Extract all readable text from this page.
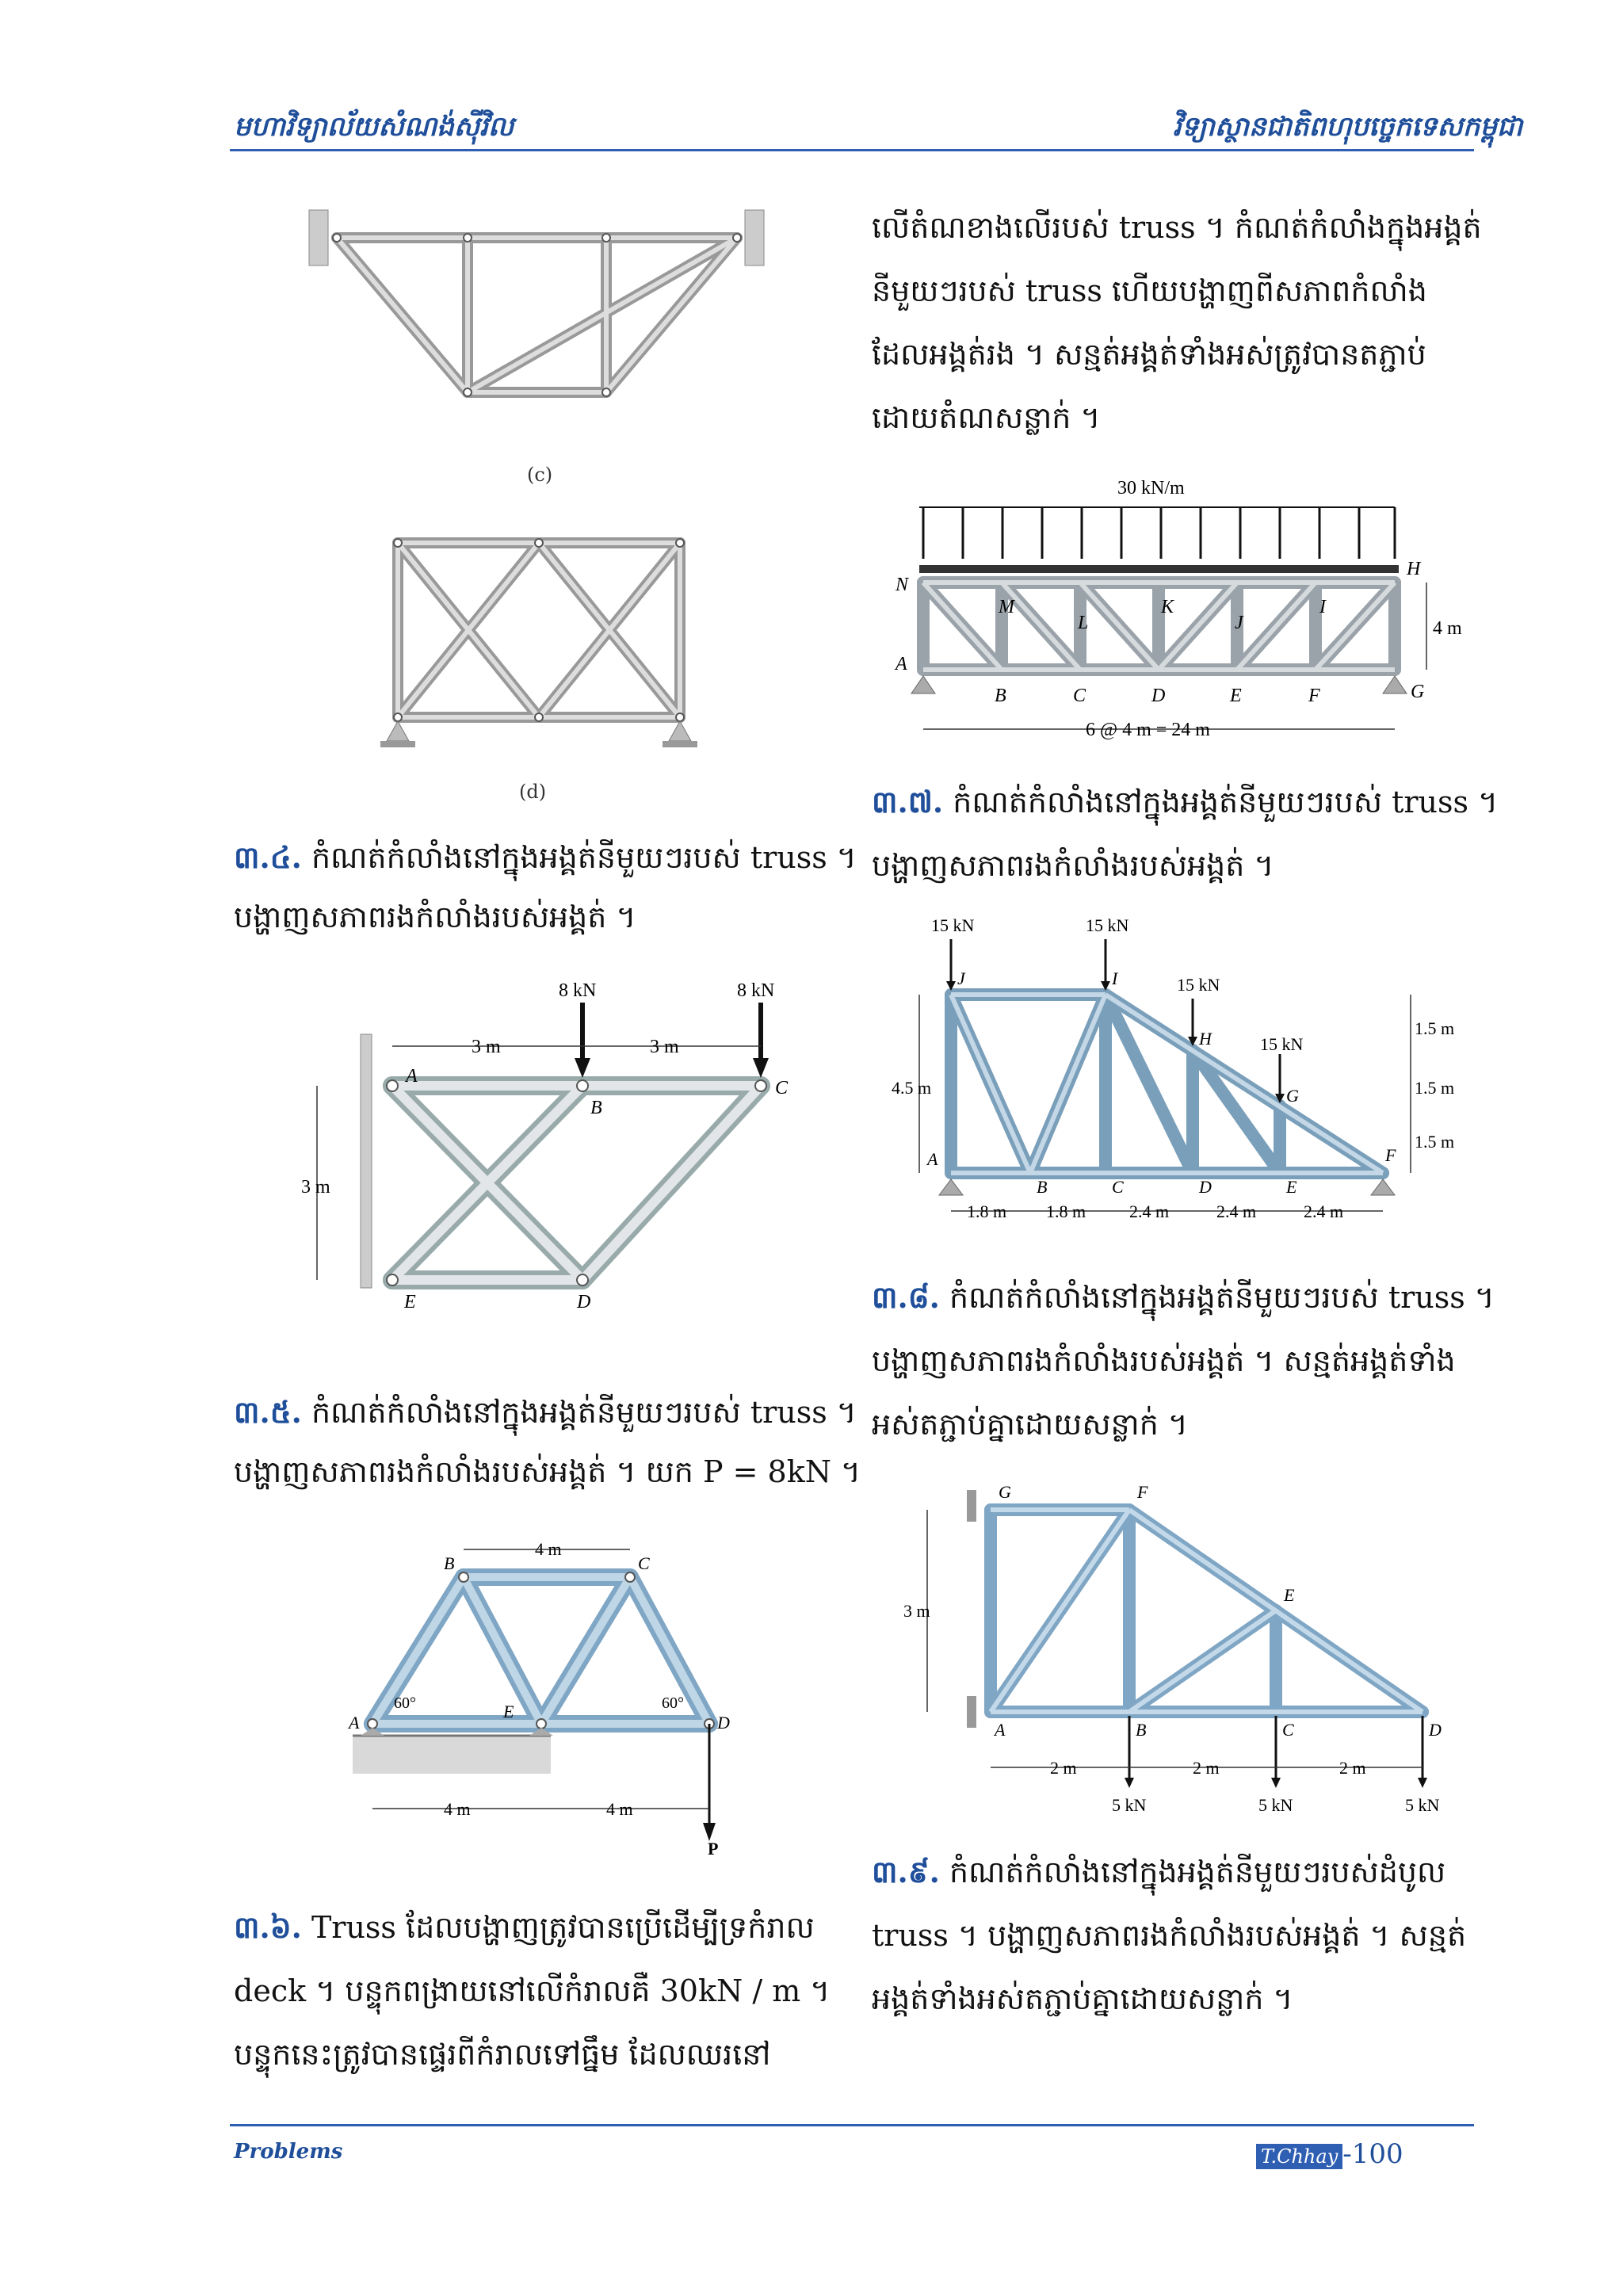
មហាវិទ្យាល័យសំណង់ស៊ីវិល	វិទ្យាស្ថានជាតិពហុបច្ចេកទេសកម្ពុជា
(c)
(d)
៣.៤. កំណត់កំលាំងនៅក្នុងអង្គត់នីមួយៗរបស់ truss ។
បង្ហាញសភាពរងកំលាំងរបស់អង្គត់ ។
8 kN	8 kN
3 m	3 m
3 m
A
B
C
D
E
៣.៥. កំណត់កំលាំងនៅក្នុងអង្គត់នីមួយៗរបស់ truss ។
បង្ហាញសភាពរងកំលាំងរបស់អង្គត់ ។ យក P = 8kN ។
P
4 m
4 m	4 m
60°	60°
A
B	C
D
E
៣.៦. Truss ដែលបង្ហាញត្រូវបានប្រើដើម្បីទ្រកំរាល
deck ។ បន្ទុកពង្រាយនៅលើកំរាលគឺ 30kN / m ។
បន្ទុកនេះត្រូវបានផ្ទេរពីកំរាលទៅធ្នឹម ដែលឈរនៅ
លើតំណខាងលើរបស់ truss ។ កំណត់កំលាំងក្នុងអង្គត់
នីមួយៗរបស់ truss ហើយបង្ហាញពីសភាពកំលាំង
ដែលអង្គត់រង ។ សន្មត់អង្គត់ទាំងអស់ត្រូវបានតភ្ជាប់
ដោយតំណសន្លាក់ ។
30 kN/m
4 m
6 @ 4 m = 24 m
N
M
L
K
J
I
H
A
B	C	D	E	F	G
៣.៧. កំណត់កំលាំងនៅក្នុងអង្គត់នីមួយៗរបស់ truss ។
បង្ហាញសភាពរងកំលាំងរបស់អង្គត់ ។
15 kN	15 kN
15 kN
15 kN
4.5 m
1.5 m
1.5 m
1.5 m
1.8 m 1.8 m 2.4 m	2.4 m	2.4 m
J	I
H
G
F
A
B	C	D	E
៣.៨. កំណត់កំលាំងនៅក្នុងអង្គត់នីមួយៗរបស់ truss ។
បង្ហាញសភាពរងកំលាំងរបស់អង្គត់ ។ សន្មត់អង្គត់ទាំង
អស់តភ្ជាប់គ្នាដោយសន្លាក់ ។
5 kN	5 kN	5 kN
3 m
2 m	2 m	2 m
G	F
E
A	B	C	D
៣.៩. កំណត់កំលាំងនៅក្នុងអង្គត់នីមួយៗរបស់ដំបូល
truss ។ បង្ហាញសភាពរងកំលាំងរបស់អង្គត់ ។ សន្មត់
អង្គត់ទាំងអស់តភ្ជាប់គ្នាដោយសន្លាក់ ។
Problems	T.Chhay -100
